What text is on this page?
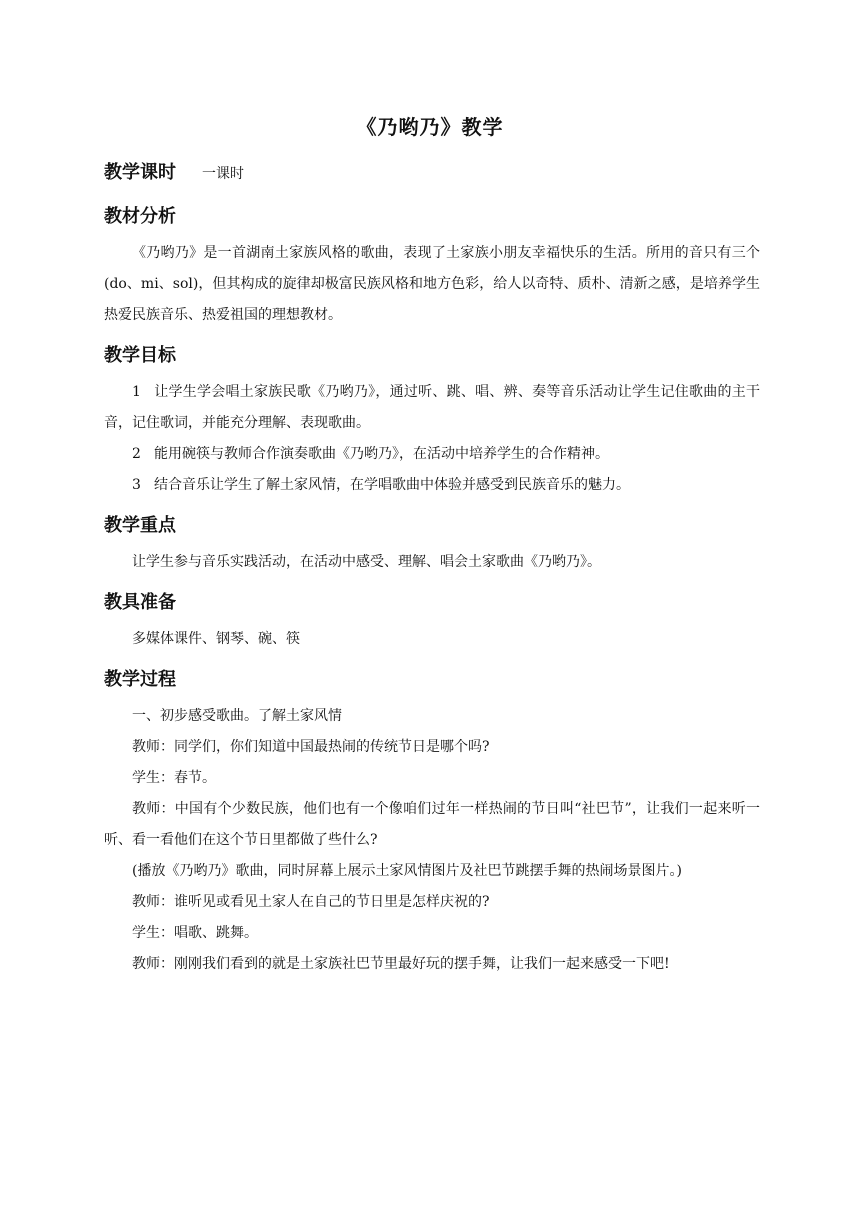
《乃哟乃》教学
教学课时 一课时
教材分析

《乃哟乃》是一首湖南土家族风格的歌曲，表现了土家族小朋友幸福快乐的生活。所用的音只有三个(do、mi、sol)，但其构成的旋律却极富民族风格和地方色彩，给人以奇特、质朴、清新之感，是培养学生热爱民族音乐、热爱祖国的理想教材。

教学目标

1 让学生学会唱土家族民歌《乃哟乃》，通过听、跳、唱、辨、奏等音乐活动让学生记住歌曲的主干音，记住歌词，并能充分理解、表现歌曲。

2 能用碗筷与教师合作演奏歌曲《乃哟乃》，在活动中培养学生的合作精神。

3 结合音乐让学生了解土家风情，在学唱歌曲中体验并感受到民族音乐的魅力。

教学重点

让学生参与音乐实践活动，在活动中感受、理解、唱会土家歌曲《乃哟乃》。

教具准备

多媒体课件、钢琴、碗、筷

教学过程

一、初步感受歌曲。了解土家风情

教师：同学们，你们知道中国最热闹的传统节日是哪个吗?

学生：春节。

教师：中国有个少数民族，他们也有一个像咱们过年一样热闹的节日叫“社巴节”，让我们一起来听一听、看一看他们在这个节日里都做了些什么?

(播放《乃哟乃》歌曲，同时屏幕上展示土家风情图片及社巴节跳摆手舞的热闹场景图片。)

教师：谁听见或看见土家人在自己的节日里是怎样庆祝的?

学生：唱歌、跳舞。

教师：刚刚我们看到的就是土家族社巴节里最好玩的摆手舞，让我们一起来感受一下吧!
